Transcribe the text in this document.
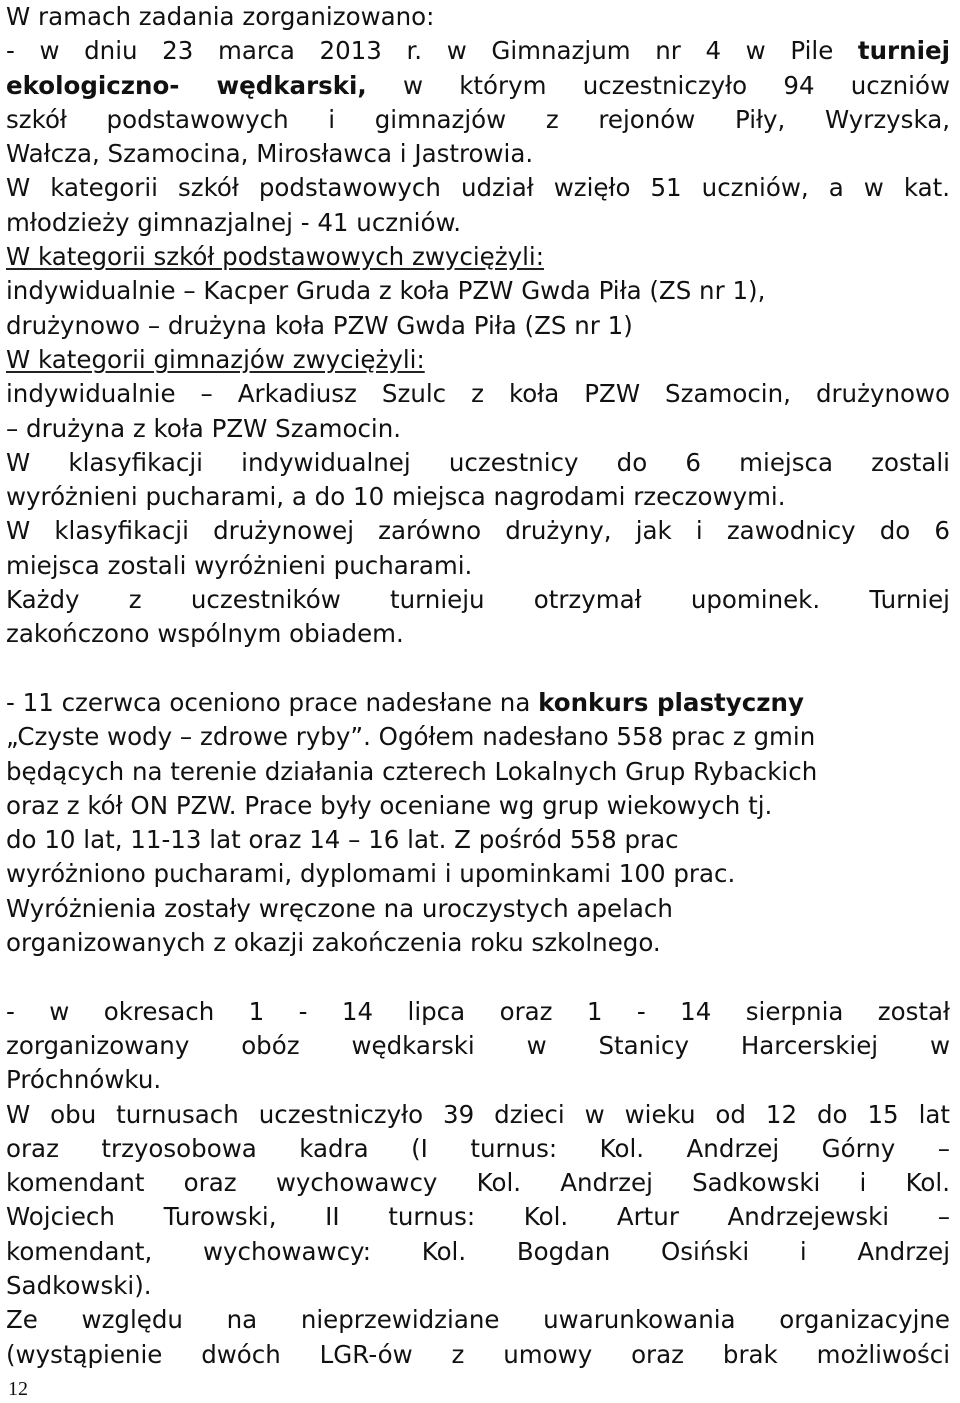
W ramach zadania zorganizowano:
- w dniu 23 marca 2013 r. w Gimnazjum nr 4 w Pile turniej
ekologiczno- wędkarski, w którym uczestniczyło 94 uczniów
szkół podstawowych i gimnazjów z rejonów Piły, Wyrzyska,
Wałcza, Szamocina, Mirosławca i Jastrowia.
W kategorii szkół podstawowych udział wzięło 51 uczniów, a w kat.
młodzieży gimnazjalnej - 41 uczniów.
W kategorii szkół podstawowych zwyciężyli:
indywidualnie – Kacper Gruda z koła PZW Gwda Piła (ZS nr 1),
drużynowo – drużyna koła PZW Gwda Piła (ZS nr 1)
W kategorii gimnazjów zwyciężyli:
indywidualnie – Arkadiusz Szulc z koła PZW Szamocin, drużynowo
– drużyna z koła PZW Szamocin.
W klasyfikacji indywidualnej uczestnicy do 6 miejsca zostali
wyróżnieni pucharami, a do 10 miejsca nagrodami rzeczowymi.
W klasyfikacji drużynowej zarówno drużyny, jak i zawodnicy do 6
miejsca zostali wyróżnieni pucharami.
Każdy z uczestników turnieju otrzymał upominek. Turniej
zakończono wspólnym obiadem.
- 11 czerwca oceniono prace nadesłane na konkurs plastyczny
„Czyste wody – zdrowe ryby”. Ogółem nadesłano 558 prac z gmin
będących na terenie działania czterech Lokalnych Grup Rybackich
oraz z kół ON PZW. Prace były oceniane wg grup wiekowych tj.
do 10 lat, 11-13 lat oraz 14 – 16 lat. Z pośród 558 prac
wyróżniono pucharami, dyplomami i upominkami 100 prac.
Wyróżnienia zostały wręczone na uroczystych apelach
organizowanych z okazji zakończenia roku szkolnego.
- w okresach 1 - 14 lipca oraz 1 - 14 sierpnia został
zorganizowany obóz wędkarski w Stanicy Harcerskiej w
Próchnówku.
W obu turnusach uczestniczyło 39 dzieci w wieku od 12 do 15 lat
oraz trzyosobowa kadra (I turnus: Kol. Andrzej Górny –
komendant oraz wychowawcy Kol. Andrzej Sadkowski i Kol.
Wojciech Turowski, II turnus: Kol. Artur Andrzejewski –
komendant, wychowawcy: Kol. Bogdan Osiński i Andrzej
Sadkowski).
Ze względu na nieprzewidziane uwarunkowania organizacyjne
(wystąpienie dwóch LGR-ów z umowy oraz brak możliwości
12
